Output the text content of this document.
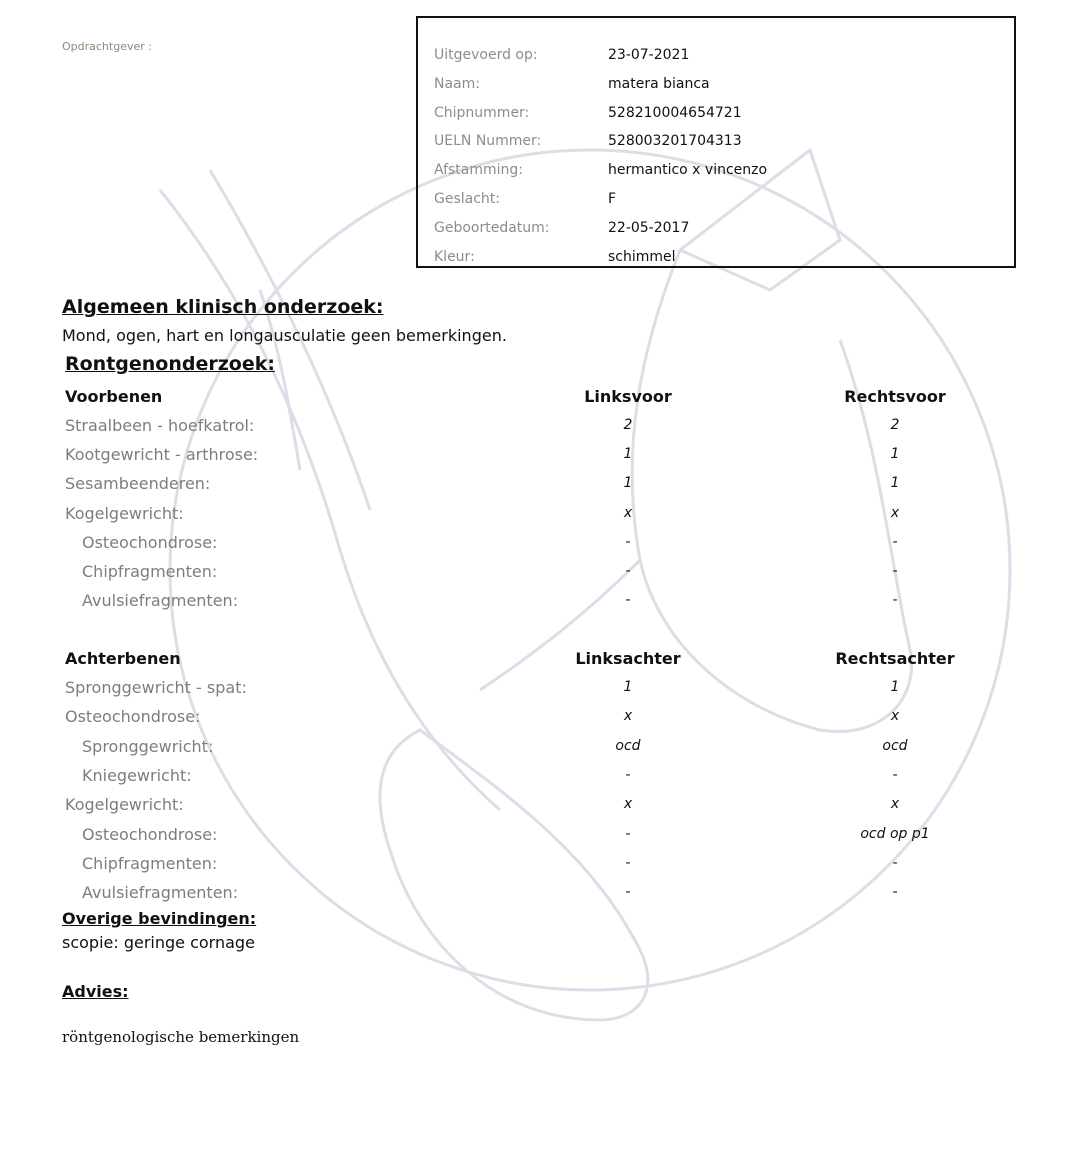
Opdrachtgever :
Uitgevoerd op:	23-07-2021
Naam:	matera bianca
Chipnummer:	528210004654721
UELN Nummer:	528003201704313
Afstamming:	hermantico x vincenzo
Geslacht:	F
Geboortedatum:	22-05-2017
Kleur:	schimmel
Algemeen klinisch onderzoek:
Mond, ogen, hart en longausculatie geen bemerkingen.
Rontgenonderzoek:
Voorbenen	Linksvoor	Rechtsvoor
Straalbeen - hoefkatrol:	2	2
Kootgewricht - arthrose:	1	1
Sesambeenderen:	1	1
Kogelgewricht:	x	x
Osteochondrose:	-	-
Chipfragmenten:	-	-
Avulsiefragmenten:	-	-
Achterbenen	Linksachter	Rechtsachter
Spronggewricht - spat:	1	1
Osteochondrose:	x	x
Spronggewricht:	ocd	ocd
Kniegewricht:	-	-
Kogelgewricht:	x	x
Osteochondrose:	-	ocd op p1
Chipfragmenten:	-	-
Avulsiefragmenten:	-	-
Overige bevindingen:
scopie: geringe cornage
Advies:
röntgenologische bemerkingen
